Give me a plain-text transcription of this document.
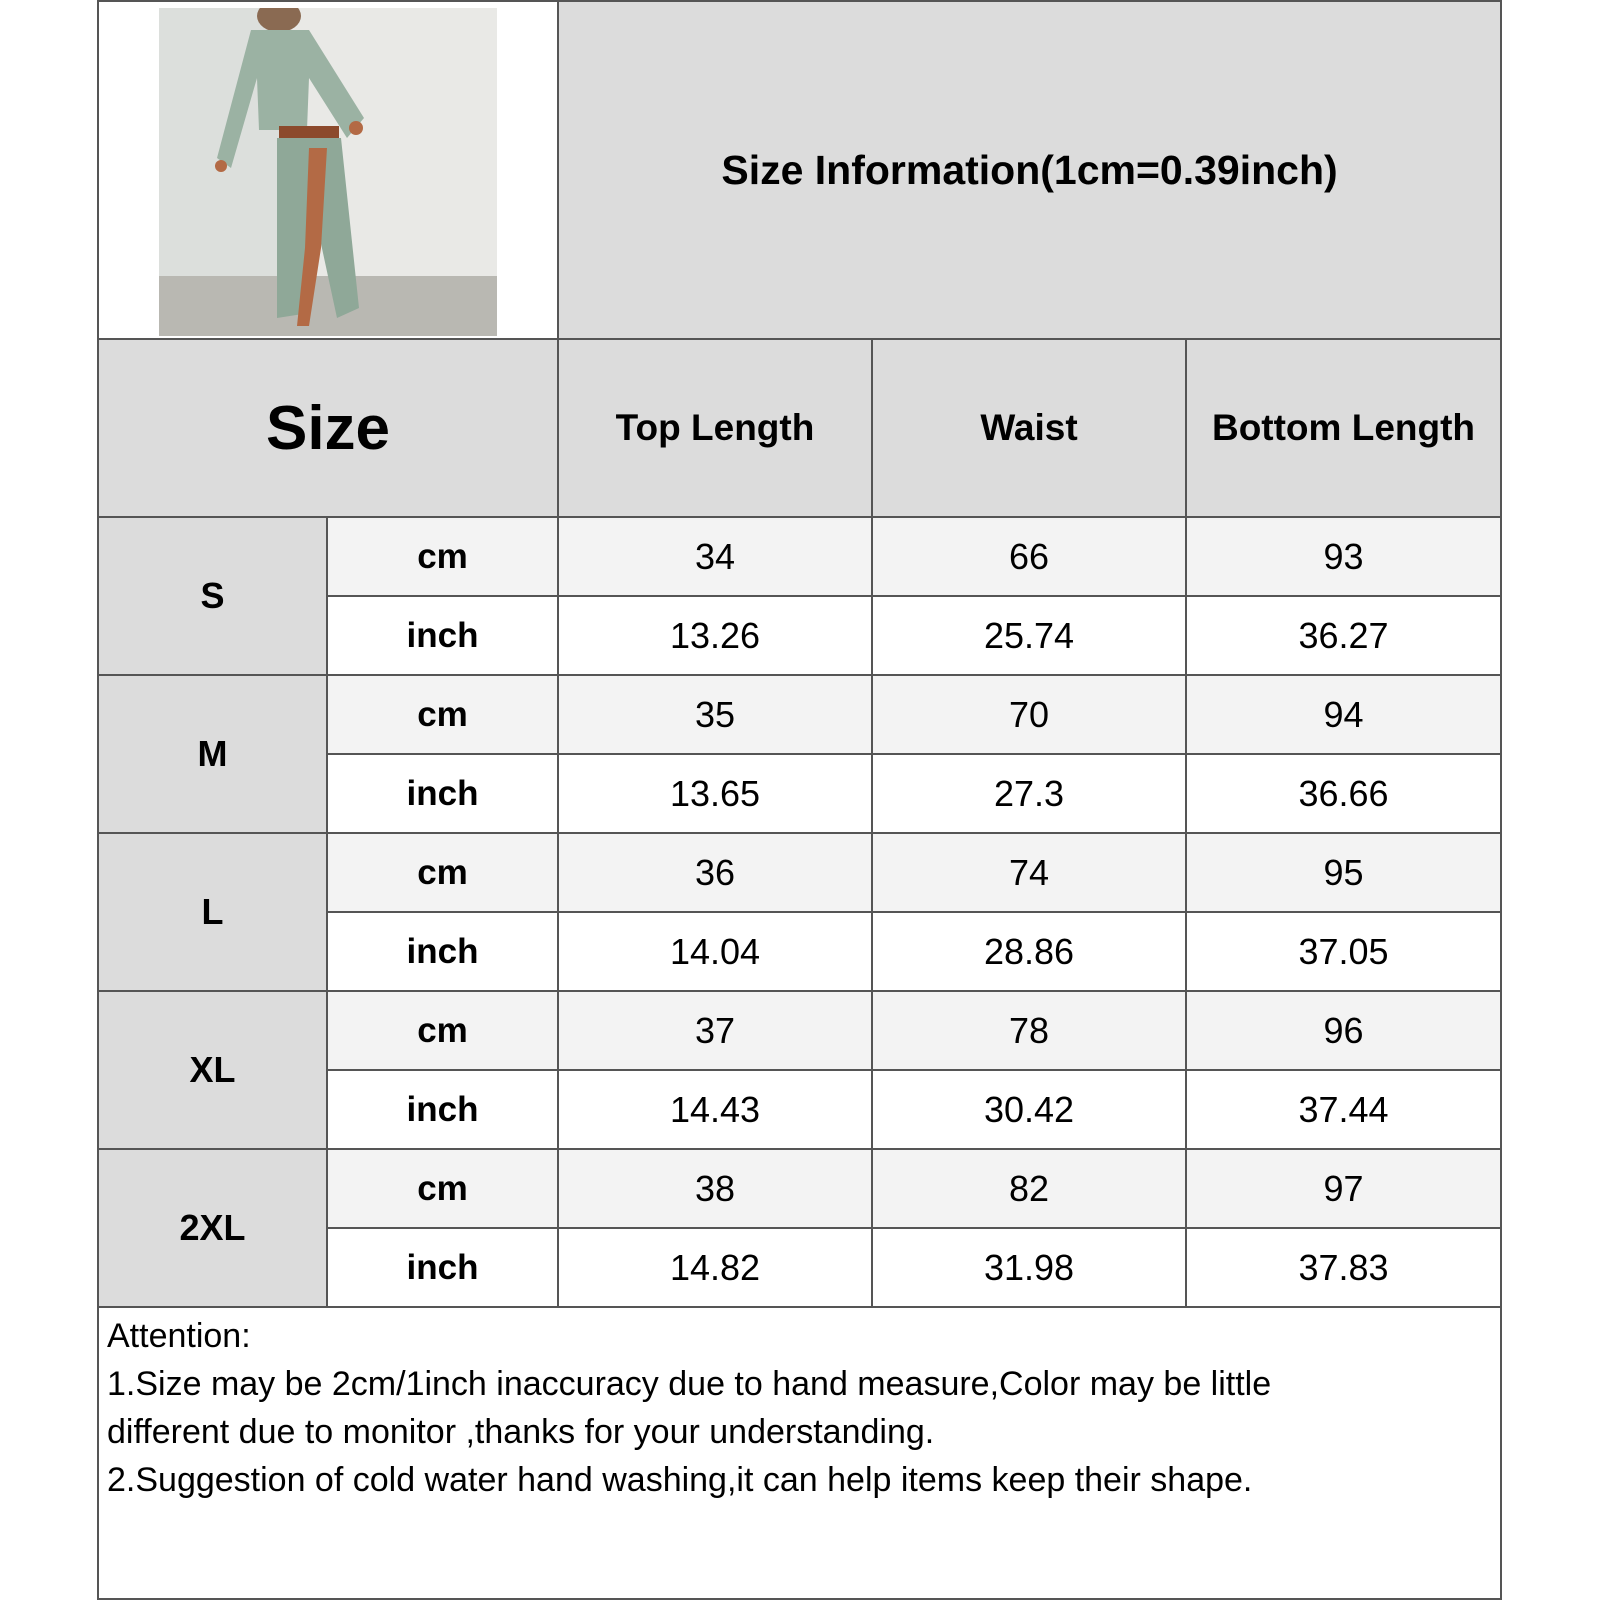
Size Information(1cm=0.39inch)
Size	Top Length	Waist	Bottom Length
S
cm	34	66	93
inch	13.26	25.74	36.27
M
cm	35	70	94
inch	13.65	27.3	36.66
L
cm	36	74	95
inch	14.04	28.86	37.05
XL
cm	37	78	96
inch	14.43	30.42	37.44
2XL
cm	38	82	97
inch	14.82	31.98	37.83
Attention:
1.Size may be 2cm/1inch inaccuracy due to hand measure,Color may be little
different due to monitor ,thanks for your understanding.
2.Suggestion of cold water hand washing,it can help items keep their shape.
